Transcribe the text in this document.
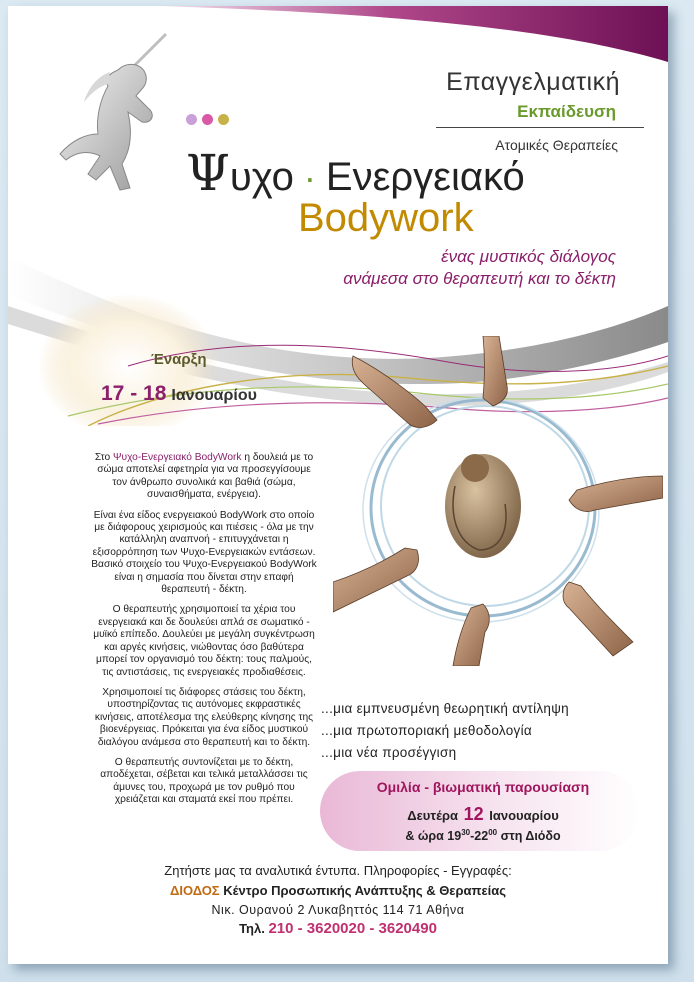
Επαγγελματική
Εκπαίδευση
Ατομικές Θεραπείες
Ψυχο · Ενεργειακό
Bodywork
ένας μυστικός διάλογος
ανάμεσα στο θεραπευτή και το δέκτη
Έναρξη
17 - 18 Ιανουαρίου

Στο Ψυχο-Ενεργειακό BodyWork η δουλειά με το σώμα αποτελεί αφετηρία για να προσεγγίσουμε τον άνθρωπο συνολικά και βαθιά (σώμα, συναισθήματα, ενέργεια).

Είναι ένα είδος ενεργειακού BodyWork στο οποίο με διάφορους χειρισμούς και πιέσεις - όλα με την κατάλληλη αναπνοή - επιτυγχάνεται η εξισορρόπηση των Ψυχο-Ενεργειακών εντάσεων. Βασικό στοιχείο του Ψυχο-Ενεργειακού BodyWork είναι η σημασία που δίνεται στην επαφή θεραπευτή - δέκτη.

Ο θεραπευτής χρησιμοποιεί τα χέρια του ενεργειακά και δε δουλεύει απλά σε σωματικό - μυϊκό επίπεδο. Δουλεύει με μεγάλη συγκέντρωση και αργές κινήσεις, νιώθοντας όσο βαθύτερα μπορεί τον οργανισμό του δέκτη: τους παλμούς, τις αντιστάσεις, τις ενεργειακές προδιαθέσεις.

Χρησιμοποιεί τις διάφορες στάσεις του δέκτη, υποστηρίζοντας τις αυτόνομες εκφραστικές κινήσεις, αποτέλεσμα της ελεύθερης κίνησης της βιοενέργειας. Πρόκειται για ένα είδος μυστικού διαλόγου ανάμεσα στο θεραπευτή και το δέκτη.

Ο θεραπευτής συντονίζεται με το δέκτη, αποδέχεται, σέβεται και τελικά μεταλλάσσει τις άμυνες του, προχωρά με τον ρυθμό που χρειάζεται και σταματά εκεί που πρέπει.

...μια εμπνευσμένη θεωρητική αντίληψη
...μια πρωτοποριακή μεθοδολογία
...μια νέα προσέγγιση
Ομιλία - βιωματική παρουσίαση
Δευτέρα 12 Ιανουαρίου
& ώρα $19^{30}-22^{00}$ στη Διόδο
Ζητήστε μας τα αναλυτικά έντυπα. Πληροφορίες - Εγγραφές:
ΔΙΟΔΟΣ Κέντρο Προσωπικής Ανάπτυξης & Θεραπείας
Νικ. Ουρανού 2 Λυκαβηττός 114 71 Αθήνα
Τηλ. 210 - 3620020 - 3620490
